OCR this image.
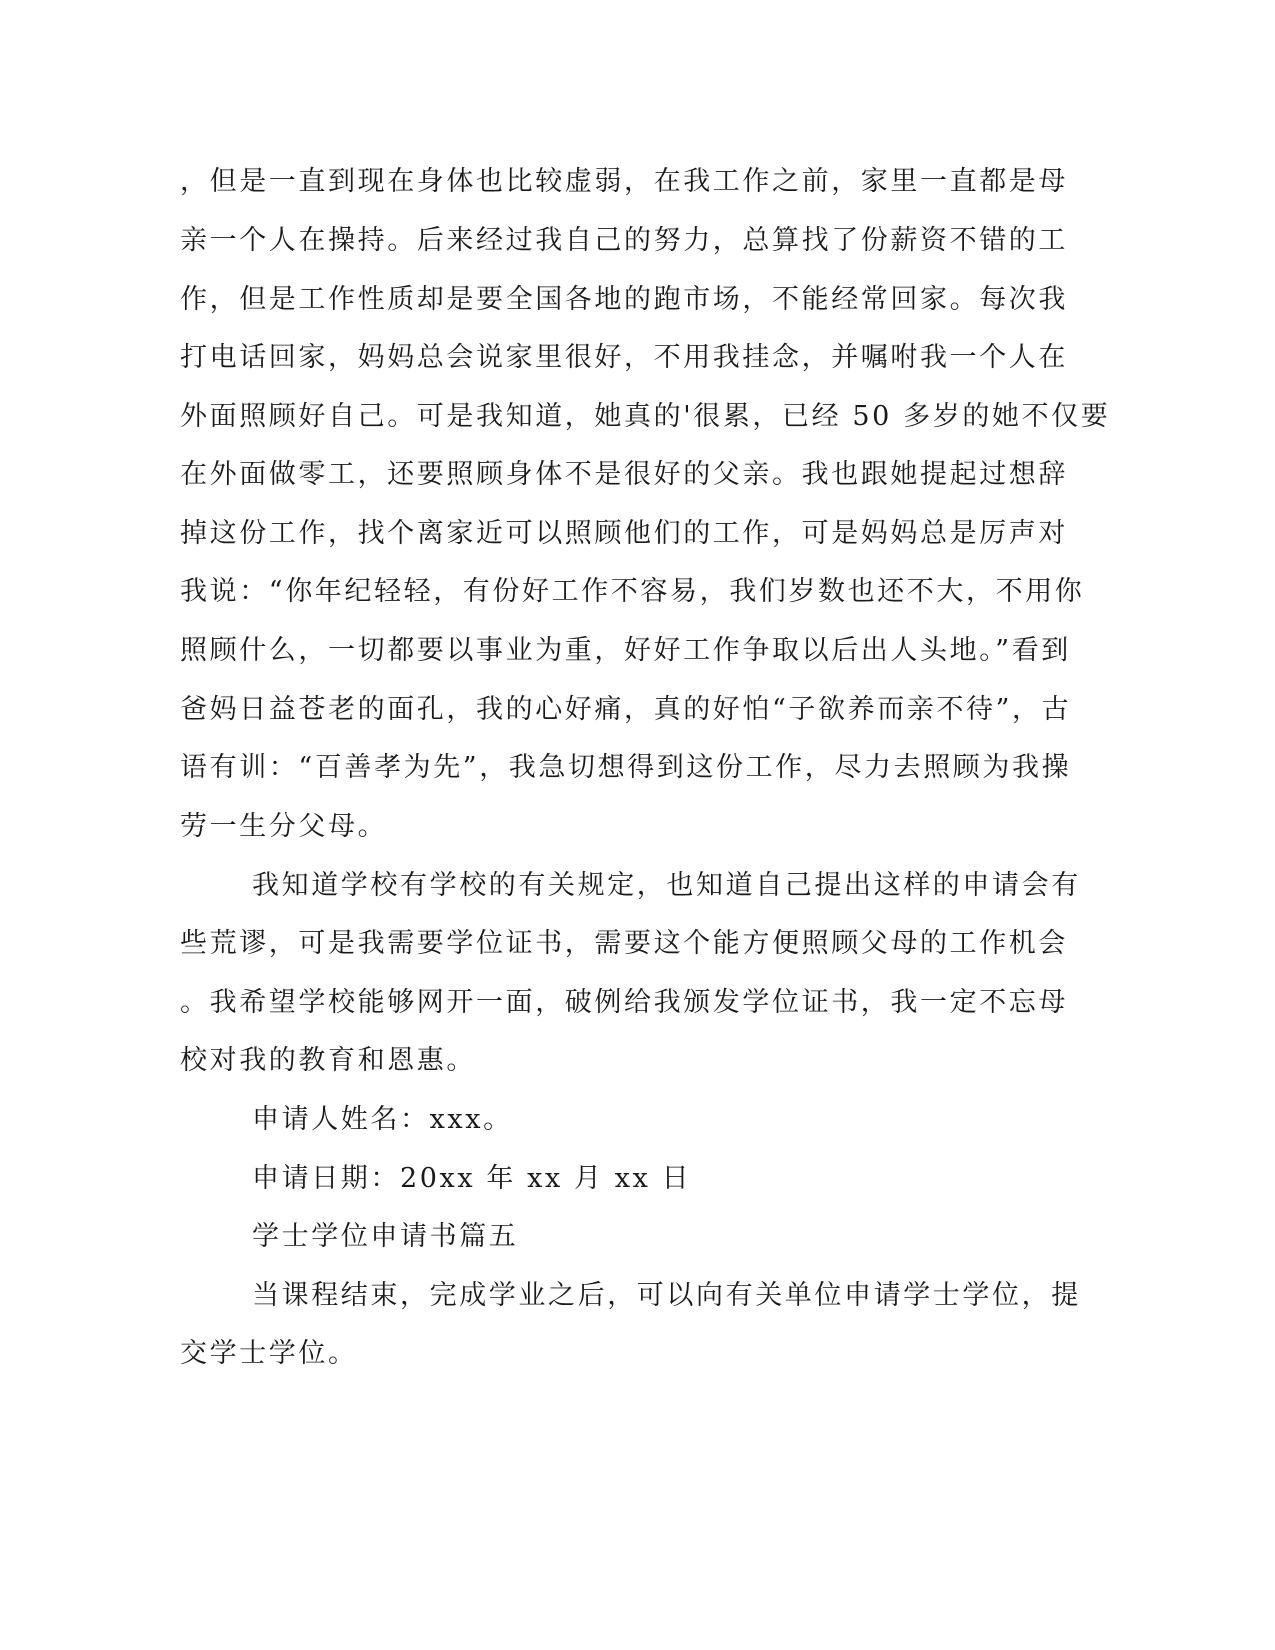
，但是一直到现在身体也比较虚弱，在我工作之前，家里一直都是母
亲一个人在操持。后来经过我自己的努力，总算找了份薪资不错的工
作，但是工作性质却是要全国各地的跑市场，不能经常回家。每次我
打电话回家，妈妈总会说家里很好，不用我挂念，并嘱咐我一个人在
外面照顾好自己。可是我知道，她真的'很累，已经 50 多岁的她不仅要
在外面做零工，还要照顾身体不是很好的父亲。我也跟她提起过想辞
掉这份工作，找个离家近可以照顾他们的工作，可是妈妈总是厉声对
我说：“你年纪轻轻，有份好工作不容易，我们岁数也还不大，不用你
照顾什么，一切都要以事业为重，好好工作争取以后出人头地。”看到
爸妈日益苍老的面孔，我的心好痛，真的好怕“子欲养而亲不待”，古
语有训：“百善孝为先”，我急切想得到这份工作，尽力去照顾为我操
劳一生分父母。
我知道学校有学校的有关规定，也知道自己提出这样的申请会有
些荒谬，可是我需要学位证书，需要这个能方便照顾父母的工作机会
。我希望学校能够网开一面，破例给我颁发学位证书，我一定不忘母
校对我的教育和恩惠。
申请人姓名：xxx。
申请日期：20xx 年 xx 月 xx 日
学士学位申请书篇五
当课程结束，完成学业之后，可以向有关单位申请学士学位，提
交学士学位。
